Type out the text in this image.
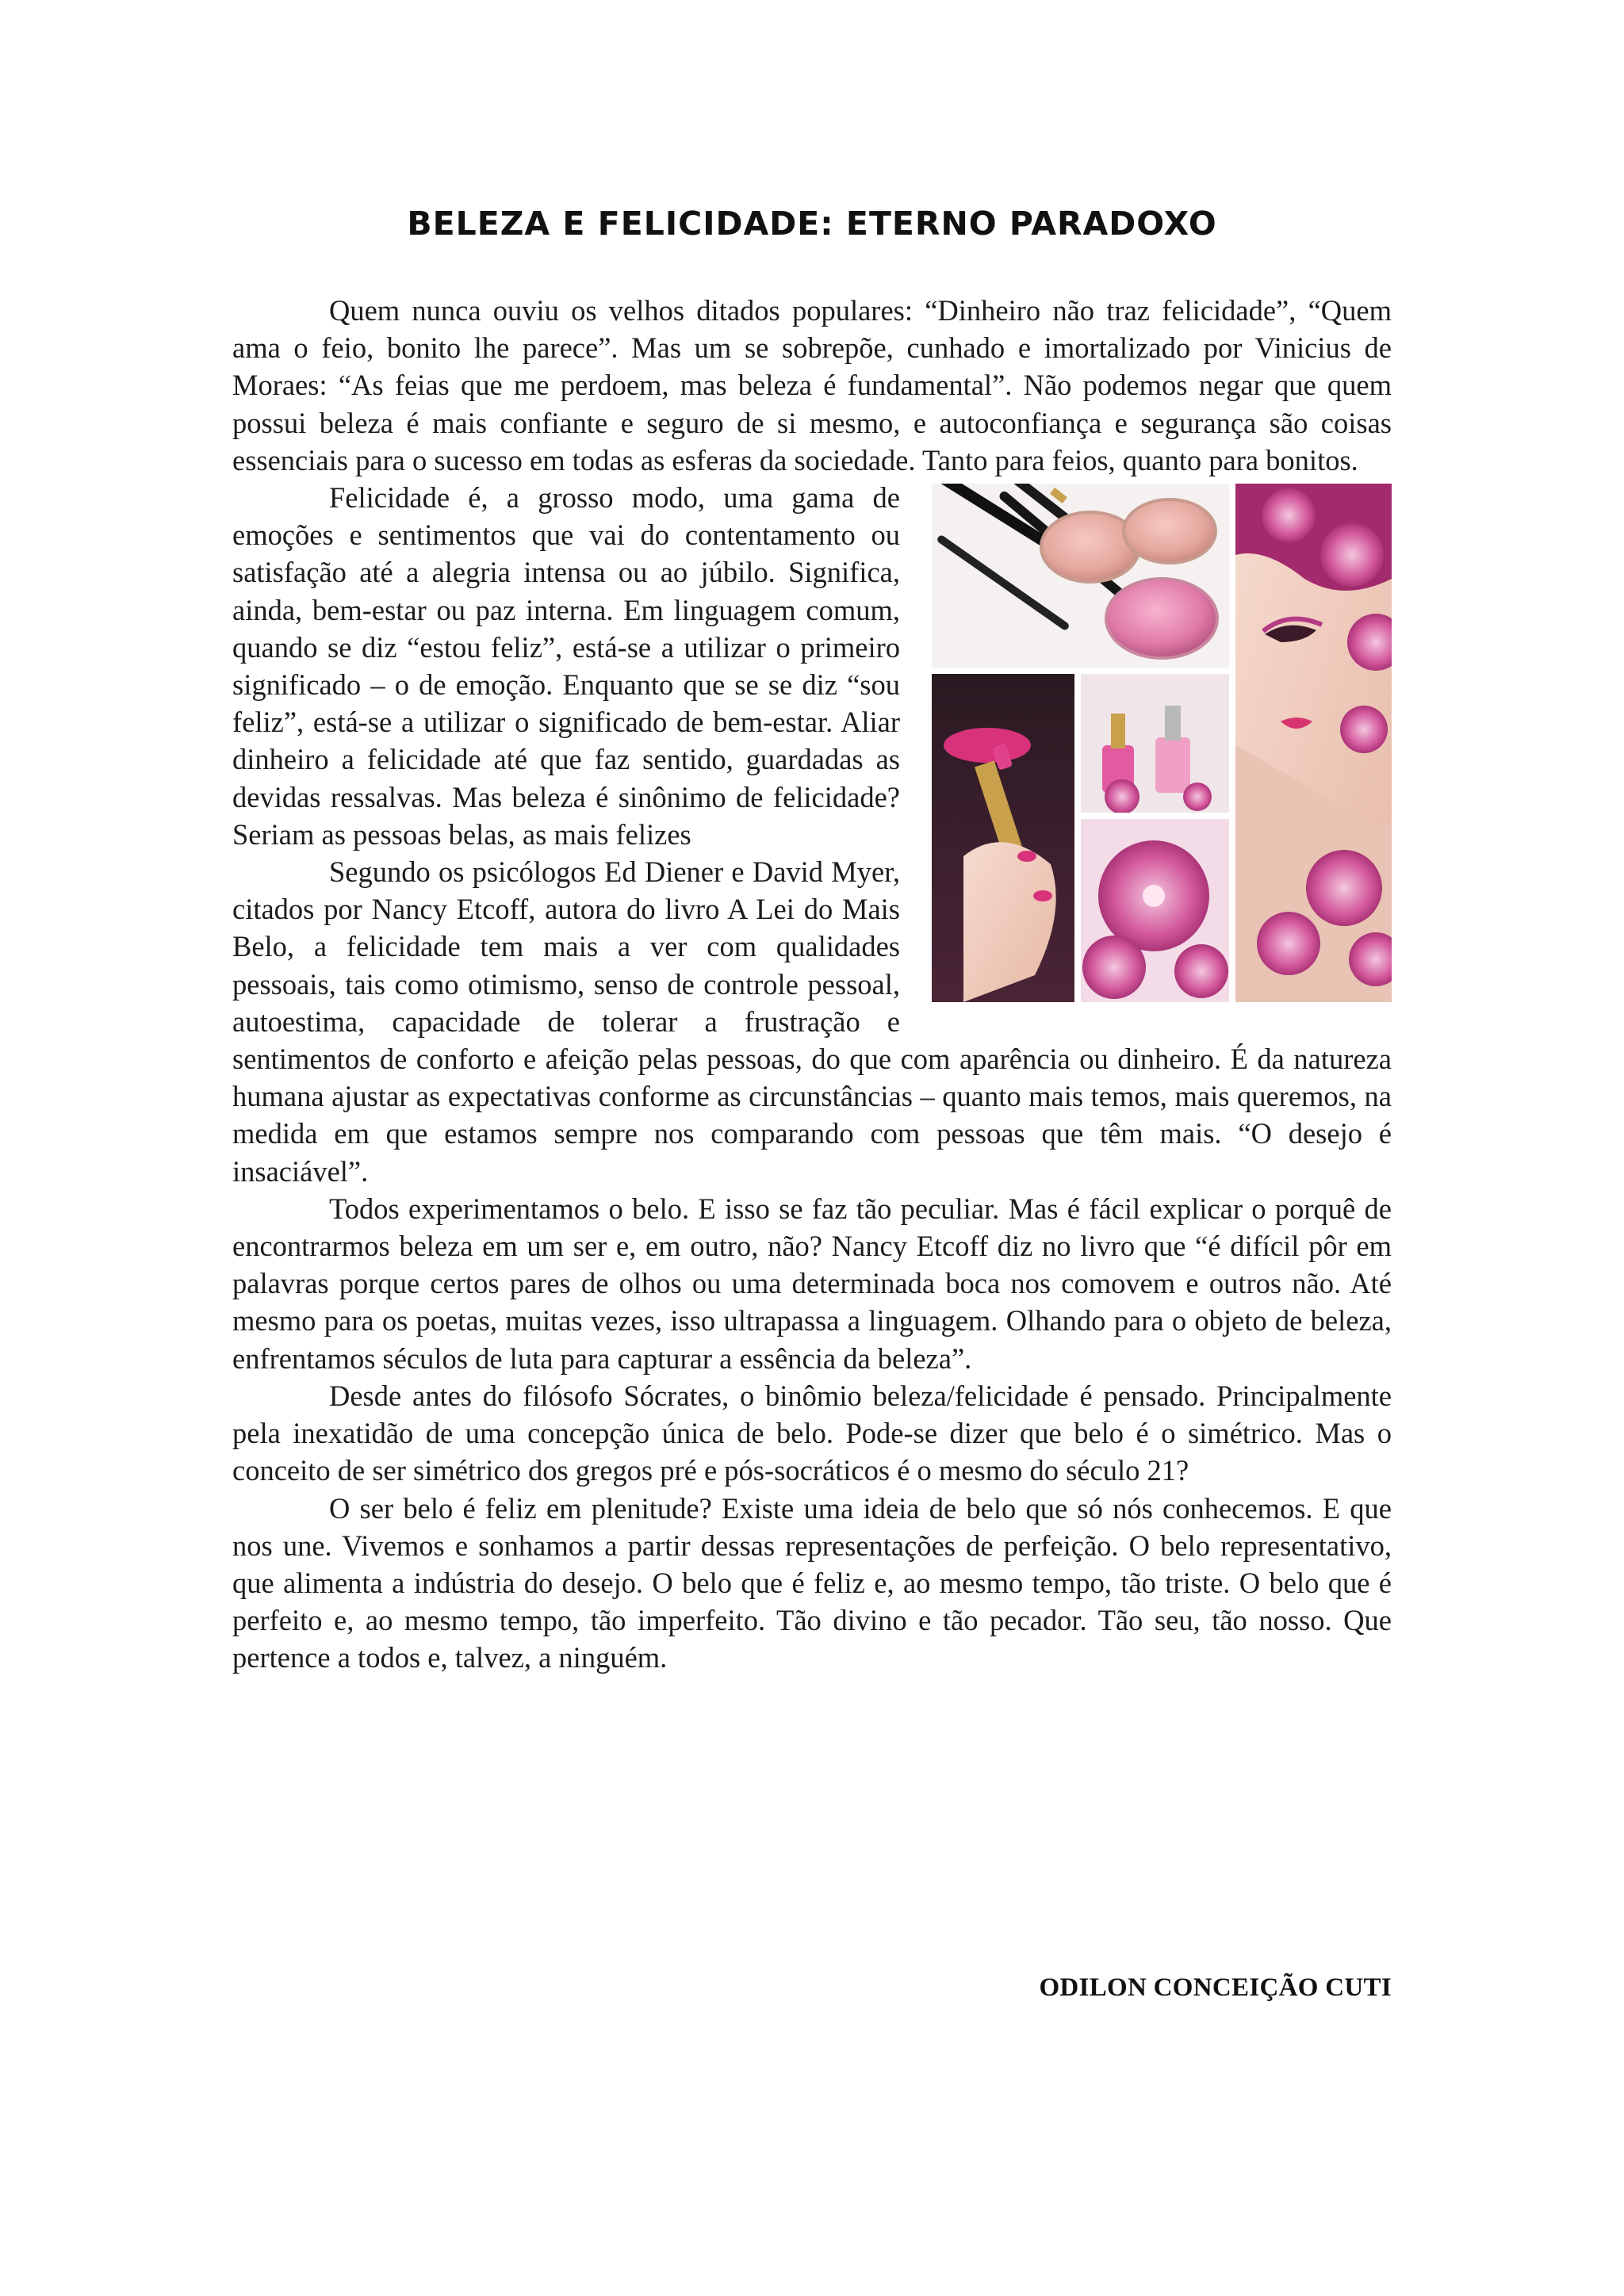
BELEZA E FELICIDADE: ETERNO PARADOXO

Quem nunca ouviu os velhos ditados populares: “Dinheiro não traz felicidade”, “Quem ama o feio, bonito lhe parece”. Mas um se sobrepõe, cunhado e imortalizado por Vinicius de Moraes: “As feias que me perdoem, mas beleza é fundamental”. Não podemos negar que quem possui beleza é mais confiante e seguro de si mesmo, e autoconfiança e segurança são coisas essenciais para o sucesso em todas as esferas da sociedade. Tanto para feios, quanto para bonitos.

Felicidade é, a grosso modo, uma gama de emoções e sentimentos que vai do contentamento ou satisfação até a alegria intensa ou ao júbilo. Significa, ainda, bem-estar ou paz interna. Em linguagem comum, quando se diz “estou feliz”, está-se a utilizar o primeiro significado – o de emoção. Enquanto que se se diz “sou feliz”, está-se a utilizar o significado de bem-estar. Aliar dinheiro a felicidade até que faz sentido, guardadas as devidas ressalvas. Mas beleza é sinônimo de felicidade? Seriam as pessoas belas, as mais felizes

Segundo os psicólogos Ed Diener e David Myer, citados por Nancy Etcoff, autora do livro A Lei do Mais Belo, a felicidade tem mais a ver com qualidades pessoais, tais como otimismo, senso de controle pessoal, autoestima, capacidade de tolerar a frustração e sentimentos de conforto e afeição pelas pessoas, do que com aparência ou dinheiro. É da natureza humana ajustar as expectativas conforme as circunstâncias – quanto mais temos, mais queremos, na medida em que estamos sempre nos comparando com pessoas que têm mais. “O desejo é insaciável”.

Todos experimentamos o belo. E isso se faz tão peculiar. Mas é fácil explicar o porquê de encontrarmos beleza em um ser e, em outro, não? Nancy Etcoff diz no livro que “é difícil pôr em palavras porque certos pares de olhos ou uma determinada boca nos comovem e outros não. Até mesmo para os poetas, muitas vezes, isso ultrapassa a linguagem. Olhando para o objeto de beleza, enfrentamos séculos de luta para capturar a essência da beleza”.

Desde antes do filósofo Sócrates, o binômio beleza/felicidade é pensado. Principalmente pela inexatidão de uma concepção única de belo. Pode-se dizer que belo é o simétrico. Mas o conceito de ser simétrico dos gregos pré e pós-socráticos é o mesmo do século 21?

O ser belo é feliz em plenitude? Existe uma ideia de belo que só nós conhecemos. E que nos une. Vivemos e sonhamos a partir dessas representações de perfeição. O belo representativo, que alimenta a indústria do desejo. O belo que é feliz e, ao mesmo tempo, tão triste. O belo que é perfeito e, ao mesmo tempo, tão imperfeito. Tão divino e tão pecador. Tão seu, tão nosso. Que pertence a todos e, talvez, a ninguém.

ODILON CONCEIÇÃO CUTI
